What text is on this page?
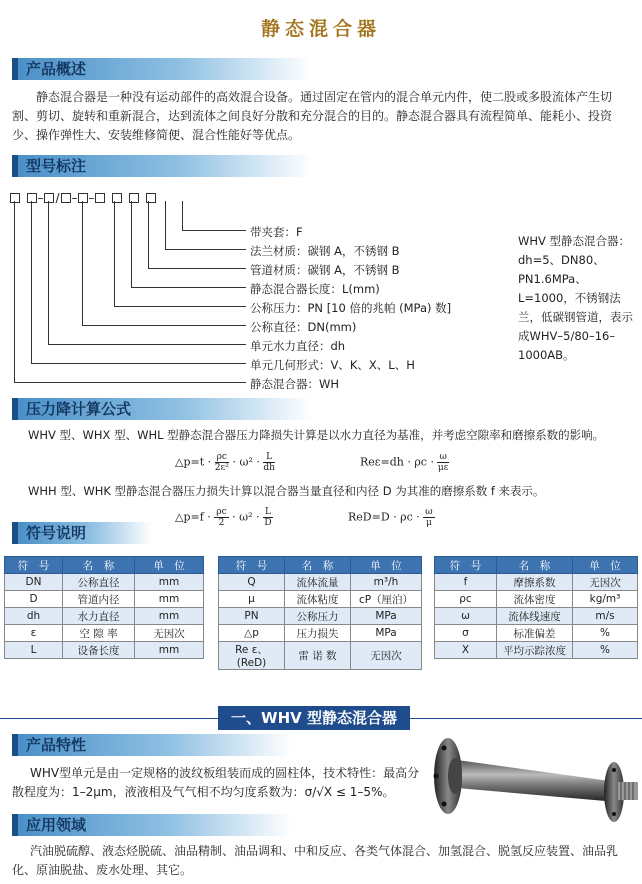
静态混合器
产品概述
静态混合器是一种没有运动部件的高效混合设备。通过固定在管内的混合单元内件，使二股或多股流体产生切割、剪切、旋转和重新混合，达到流体之间良好分散和充分混合的目的。静态混合器具有流程简单、能耗小、投资少、操作弹性大、安装维修简便、混合性能好等优点。
型号标注
– / – –
带夹套：F
法兰材质：碳钢 A，不锈钢 B
管道材质：碳钢 A，不锈钢 B
静态混合器长度：L(mm)
公称压力：PN [10 倍的兆帕 (MPa) 数]
公称直径：DN(mm)
单元水力直径：dh
单元几何形式：V、K、X、L、H
静态混合器：WH
WHV 型静态混合器：dh=5、DN80、PN1.6MPa、L=1000，不锈钢法兰，低碳钢管道，表示成WHV–5/80–16–1000AB。
压力降计算公式
WHV 型、WHX 型、WHL 型静态混合器压力降损失计算是以水力直径为基准，并考虑空隙率和磨擦系数的影响。
△p=t · $\frac{\rho c}{\text{2ε²}} \cdot \omega^2 \cdot \frac{L}{dh}$	$Re\varepsilon=dh \cdot \rho c \cdot \frac{\omega}{\mu\varepsilon}$
WHH 型、WHK 型静态混合器压力损失计算以混合器当量直径和内径 D 为其准的磨擦系数 f 来表示。
△p=f · $\frac{\rho c}{2} \cdot \omega^2 \cdot \frac{L}{D}$	$ReD=D \cdot \rho c \cdot \frac{\omega}{\mu}$
符号说明
符　号	名　称	单　位
DN	公称直径	mm
D	管道内径	mm
dh	水力直径	mm
ε	空 隙 率	无因次
L	设备长度	mm
符　号	名　称	单　位
Q	流体流量	m³/h
μ	流体粘度	cP（厘泊）
PN	公称压力	MPa
△p	压力损失	MPa
Re ε、(ReD)	雷 诺 数	无因次
符　号	名　称	单　位
f	摩擦系数	无因次
ρc	流体密度	kg/m³
ω	流体线速度	m/s
σ	标准偏差	%
X	平均示踪浓度	%
一、WHV 型静态混合器
产品特性
WHV型单元是由一定规格的波纹板组装而成的圆柱体，技术特性：最高分散程度为：1–2μm，液液相及气气相不均匀度系数为：σ/√X ≤ 1–5%。
应用领域
汽油脱硫醇、液态烃脱硫、油品精制、油品调和、中和反应、各类气体混合、加氢混合、脱氢反应装置、油品乳化、原油脱盐、废水处理、其它。
